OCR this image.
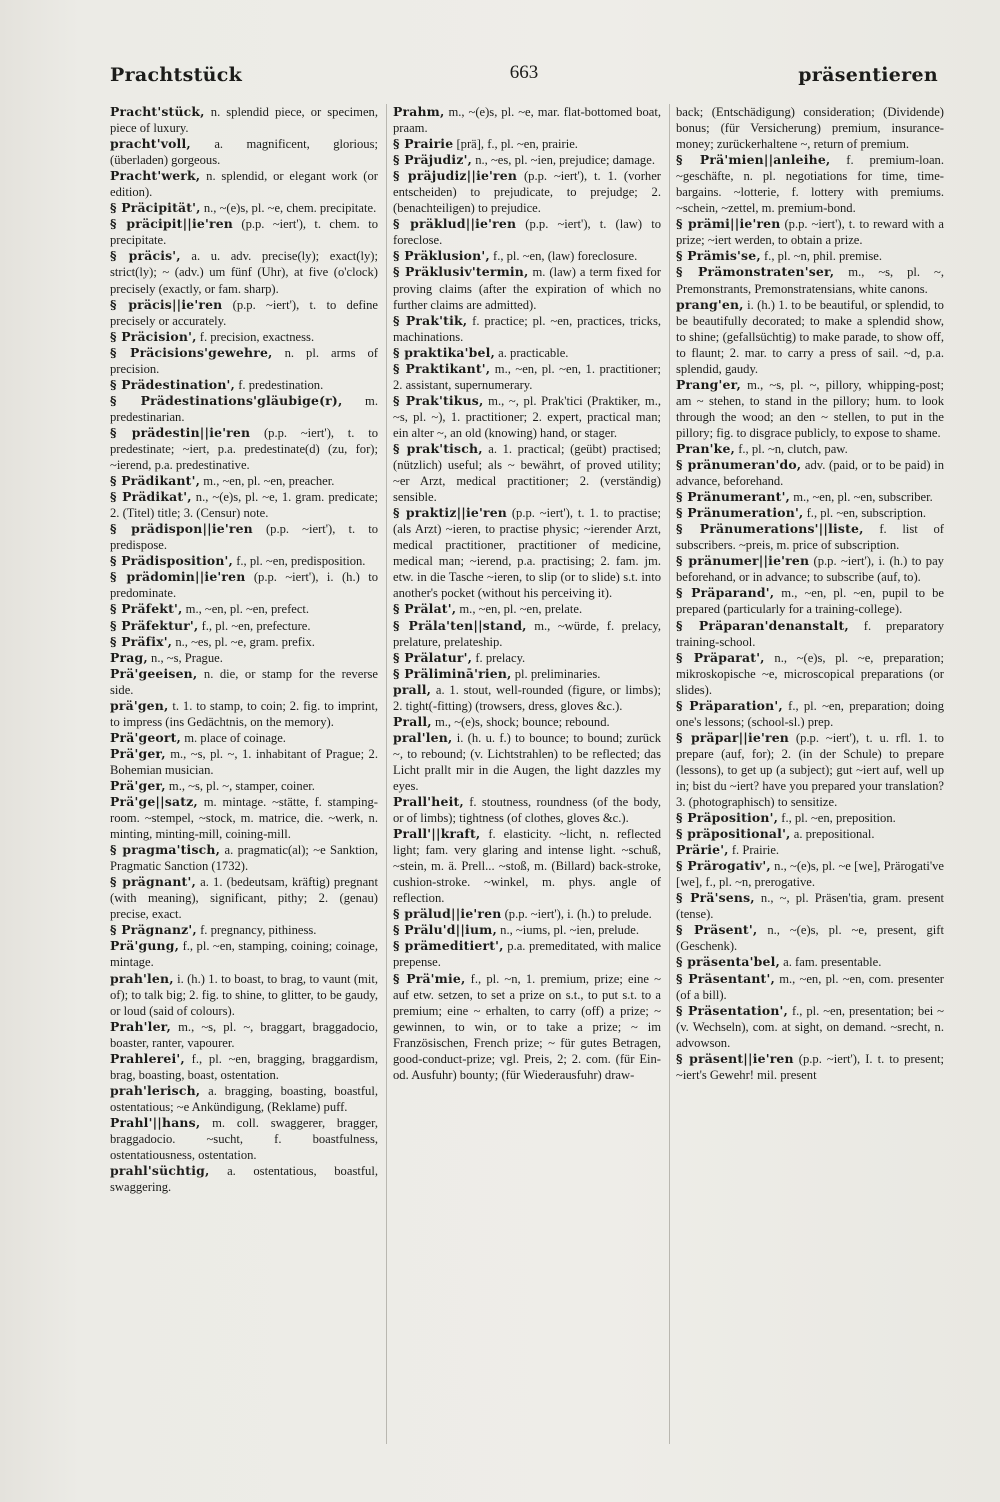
Prachtstück	663	präsentieren
Pracht'stück, n. splendid piece, or specimen, piece of luxury.
pracht'voll, a. magnificent, glorious; (überladen) gorgeous.
Pracht'werk, n. splendid, or elegant work (or edition).
§ Präcipität', n., ~(e)s, pl. ~e, chem. precipitate.
§ präcipit||ie'ren (p.p. ~iert'), t. chem. to precipitate.
§ präcis', a. u. adv. precise(ly); exact(ly); strict(ly); ~ (adv.) um fünf (Uhr), at five (o'clock) precisely (exactly, or fam. sharp).
§ präcis||ie'ren (p.p. ~iert'), t. to define precisely or accurately.
§ Präcision', f. precision, exactness.
§ Präcisions'gewehre, n. pl. arms of precision.
§ Prädestination', f. predestination.
§ Prädestinations'gläubige(r), m. predestinarian.
§ prädestin||ie'ren (p.p. ~iert'), t. to predestinate; ~iert, p.a. predestinate(d) (zu, for); ~ierend, p.a. predestinative.
§ Prädikant', m., ~en, pl. ~en, preacher.
§ Prädikat', n., ~(e)s, pl. ~e, 1. gram. predicate; 2. (Titel) title; 3. (Censur) note.
§ prädispon||ie'ren (p.p. ~iert'), t. to predispose.
§ Prädisposition', f., pl. ~en, predisposition.
§ prädomin||ie'ren (p.p. ~iert'), i. (h.) to predominate.
§ Präfekt', m., ~en, pl. ~en, prefect.
§ Präfektur', f., pl. ~en, prefecture.
§ Präfix', n., ~es, pl. ~e, gram. prefix.
Prag, n., ~s, Prague.
Prä'geeisen, n. die, or stamp for the reverse side.
prä'gen, t. 1. to stamp, to coin; 2. fig. to imprint, to impress (ins Gedächtnis, on the memory).
Prä'geort, m. place of coinage.
Prä'ger, m., ~s, pl. ~, 1. inhabitant of Prague; 2. Bohemian musician.
Prä'ger, m., ~s, pl. ~, stamper, coiner.
Prä'ge||satz, m. mintage. ~stätte, f. stamping-room. ~stempel, ~stock, m. matrice, die. ~werk, n. minting, minting-mill, coining-mill.
§ pragma'tisch, a. pragmatic(al); ~e Sanktion, Pragmatic Sanction (1732).
§ prägnant', a. 1. (bedeutsam, kräftig) pregnant (with meaning), significant, pithy; 2. (genau) precise, exact.
§ Prägnanz', f. pregnancy, pithiness.
Prä'gung, f., pl. ~en, stamping, coining; coinage, mintage.
prah'len, i. (h.) 1. to boast, to brag, to vaunt (mit, of); to talk big; 2. fig. to shine, to glitter, to be gaudy, or loud (said of colours).
Prah'ler, m., ~s, pl. ~, braggart, braggadocio, boaster, ranter, vapourer.
Prahlerei', f., pl. ~en, bragging, braggardism, brag, boasting, boast, ostentation.
prah'lerisch, a. bragging, boasting, boastful, ostentatious; ~e Ankündigung, (Reklame) puff.
Prahl'||hans, m. coll. swaggerer, bragger, braggadocio. ~sucht, f. boastfulness, ostentatiousness, ostentation.
prahl'süchtig, a. ostentatious, boastful, swaggering.
Prahm, m., ~(e)s, pl. ~e, mar. flat-bottomed boat, praam.
§ Prairie [prä], f., pl. ~en, prairie.
§ Präjudiz', n., ~es, pl. ~ien, prejudice; damage.
§ präjudiz||ie'ren (p.p. ~iert'), t. 1. (vorher entscheiden) to prejudicate, to prejudge; 2. (benachteiligen) to prejudice.
§ präklud||ie'ren (p.p. ~iert'), t. (law) to foreclose.
§ Präklusion', f., pl. ~en, (law) foreclosure.
§ Präklusiv'termin, m. (law) a term fixed for proving claims (after the expiration of which no further claims are admitted).
§ Prak'tik, f. practice; pl. ~en, practices, tricks, machinations.
§ praktika'bel, a. practicable.
§ Praktikant', m., ~en, pl. ~en, 1. practitioner; 2. assistant, supernumerary.
§ Prak'tikus, m., ~, pl. Prak'tici (Praktiker, m., ~s, pl. ~), 1. practitioner; 2. expert, practical man; ein alter ~, an old (knowing) hand, or stager.
§ prak'tisch, a. 1. practical; (geübt) practised; (nützlich) useful; als ~ bewährt, of proved utility; ~er Arzt, medical practitioner; 2. (verständig) sensible.
§ praktiz||ie'ren (p.p. ~iert'), t. 1. to practise; (als Arzt) ~ieren, to practise physic; ~ierender Arzt, medical practitioner, practitioner of medicine, medical man; ~ierend, p.a. practising; 2. fam. jm. etw. in die Tasche ~ieren, to slip (or to slide) s.t. into another's pocket (without his perceiving it).
§ Prälat', m., ~en, pl. ~en, prelate.
§ Präla'ten||stand, m., ~würde, f. prelacy, prelature, prelateship.
§ Prälatur', f. prelacy.
§ Präliminā'rien, pl. preliminaries.
prall, a. 1. stout, well-rounded (figure, or limbs); 2. tight(-fitting) (trowsers, dress, gloves &c.).
Prall, m., ~(e)s, shock; bounce; rebound.
pral'len, i. (h. u. f.) to bounce; to bound; zurück ~, to rebound; (v. Lichtstrahlen) to be reflected; das Licht prallt mir in die Augen, the light dazzles my eyes.
Prall'heit, f. stoutness, roundness (of the body, or of limbs); tightness (of clothes, gloves &c.).
Prall'||kraft, f. elasticity. ~licht, n. reflected light; fam. very glaring and intense light. ~schuß, ~stein, m. ä. Prell... ~stoß, m. (Billard) back-stroke, cushion-stroke. ~winkel, m. phys. angle of reflection.
§ prälud||ie'ren (p.p. ~iert'), i. (h.) to prelude.
§ Prälu'd||ium, n., ~iums, pl. ~ien, prelude.
§ prämeditiert', p.a. premeditated, with malice prepense.
§ Prä'mie, f., pl. ~n, 1. premium, prize; eine ~ auf etw. setzen, to set a prize on s.t., to put s.t. to a premium; eine ~ erhalten, to carry (off) a prize; ~ gewinnen, to win, or to take a prize; ~ im Französischen, French prize; ~ für gutes Betragen, good-conduct-prize; vgl. Preis, 2; 2. com. (für Ein- od. Ausfuhr) bounty; (für Wiederausfuhr) draw-
back; (Entschädigung) consideration; (Dividende) bonus; (für Versicherung) premium, insurance-money; zurückerhaltene ~, return of premium.
§ Prä'mien||anleihe, f. premium-loan. ~geschäfte, n. pl. negotiations for time, time-bargains. ~lotterie, f. lottery with premiums. ~schein, ~zettel, m. premium-bond.
§ prämi||ie'ren (p.p. ~iert'), t. to reward with a prize; ~iert werden, to obtain a prize.
§ Prämis'se, f., pl. ~n, phil. premise.
§ Prämonstraten'ser, m., ~s, pl. ~, Premonstrants, Premonstratensians, white canons.
prang'en, i. (h.) 1. to be beautiful, or splendid, to be beautifully decorated; to make a splendid show, to shine; (gefallsüchtig) to make parade, to show off, to flaunt; 2. mar. to carry a press of sail. ~d, p.a. splendid, gaudy.
Prang'er, m., ~s, pl. ~, pillory, whipping-post; am ~ stehen, to stand in the pillory; hum. to look through the wood; an den ~ stellen, to put in the pillory; fig. to disgrace publicly, to expose to shame.
Pran'ke, f., pl. ~n, clutch, paw.
§ pränumeran'do, adv. (paid, or to be paid) in advance, beforehand.
§ Pränumerant', m., ~en, pl. ~en, subscriber.
§ Pränumeration', f., pl. ~en, subscription.
§ Pränumerations'||liste, f. list of subscribers. ~preis, m. price of subscription.
§ pränumer||ie'ren (p.p. ~iert'), i. (h.) to pay beforehand, or in advance; to subscribe (auf, to).
§ Präparand', m., ~en, pl. ~en, pupil to be prepared (particularly for a training-college).
§ Präparan'denanstalt, f. preparatory training-school.
§ Präparat', n., ~(e)s, pl. ~e, preparation; mikroskopische ~e, microscopical preparations (or slides).
§ Präparation', f., pl. ~en, preparation; doing one's lessons; (school-sl.) prep.
§ präpar||ie'ren (p.p. ~iert'), t. u. rfl. 1. to prepare (auf, for); 2. (in der Schule) to prepare (lessons), to get up (a subject); gut ~iert auf, well up in; bist du ~iert? have you prepared your translation? 3. (photographisch) to sensitize.
§ Präposition', f., pl. ~en, preposition.
§ präpositional', a. prepositional.
Prärie', f. Prairie.
§ Prärogativ', n., ~(e)s, pl. ~e [we], Prärogati've [we], f., pl. ~n, prerogative.
§ Prä'sens, n., ~, pl. Präsen'tia, gram. present (tense).
§ Präsent', n., ~(e)s, pl. ~e, present, gift (Geschenk).
§ präsenta'bel, a. fam. presentable.
§ Präsentant', m., ~en, pl. ~en, com. presenter (of a bill).
§ Präsentation', f., pl. ~en, presentation; bei ~ (v. Wechseln), com. at sight, on demand. ~srecht, n. advowson.
§ präsent||ie'ren (p.p. ~iert'), I. t. to present; ~iert's Gewehr! mil. present
